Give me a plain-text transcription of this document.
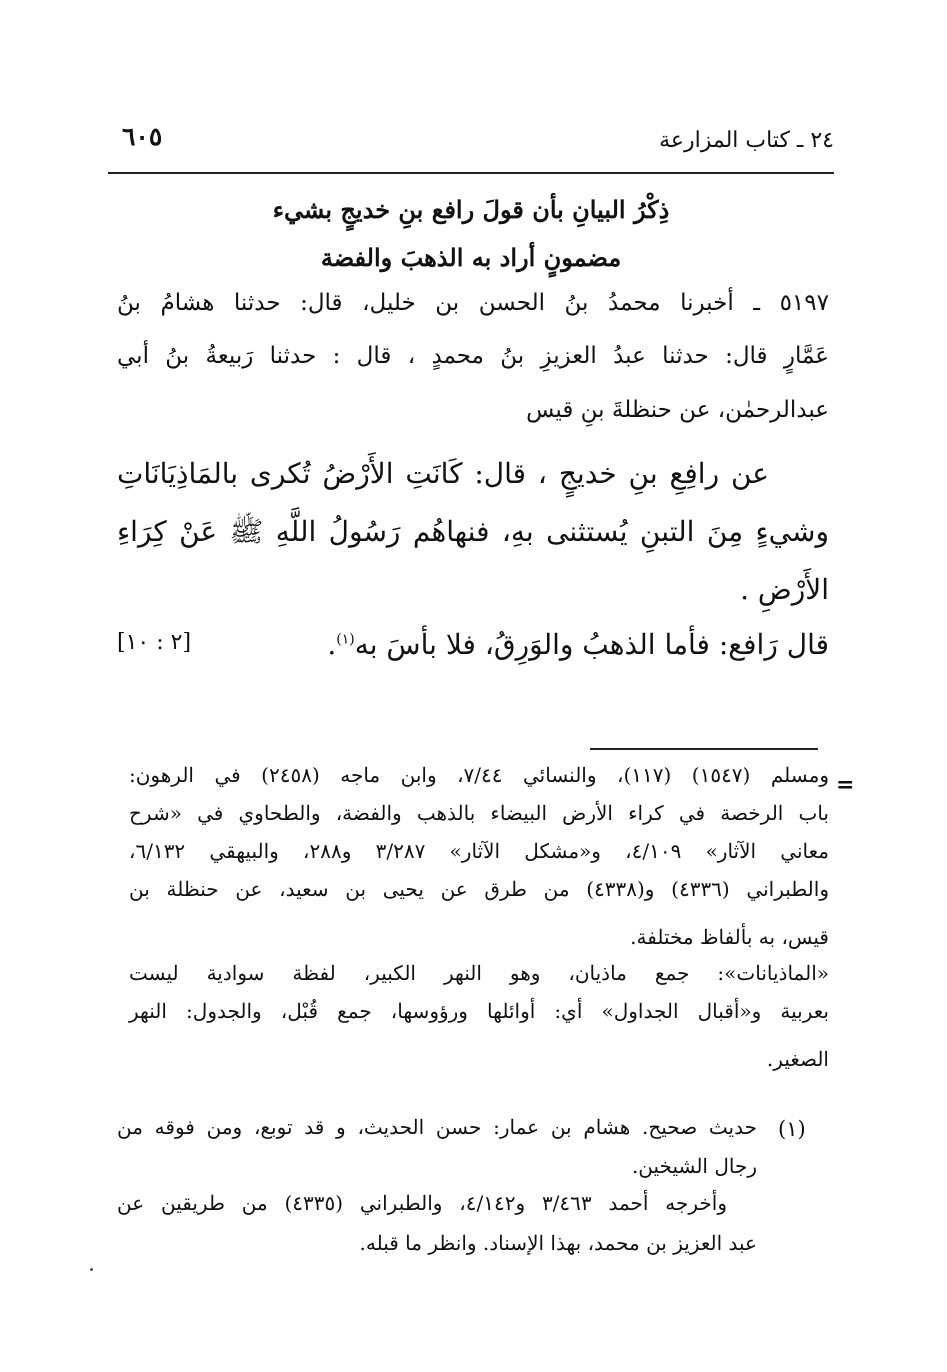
٦٠٥	٢٤ ـ كتاب المزارعة
ذِكْرُ البيانِ بأن قولَ رافع بنِ خديجٍ بشيء
مضمونٍ أراد به الذهبَ والفضة
٥١٩٧ ـ أخبرنا محمدُ بنُ الحسن بن خليل، قال: حدثنا هشامُ بنُ
عَمَّارٍ قال: حدثنا عبدُ العزيزِ بنُ محمدٍ ، قال : حدثنا رَبيعةُ بنُ أبي
عبدالرحمٰن، عن حنظلةَ بنِ قيس
عن رافِعِ بنِ خديجٍ ، قال: كَانَتِ الأَرْضُ تُكرى بالمَاذِيَانَاتِ
وشيءٍ مِنَ التبنِ يُستثنى بهِ، فنهاهُم رَسُولُ اللَّهِ ﷺ عَنْ كِرَاءِ
الأَرْضِ .
قال رَافع: فأما الذهبُ والوَرِقُ، فلا بأسَ به$^{(١)}$.
[٢ : ١٠]
=
ومسلم (١٥٤٧) (١١٧)، والنسائي ٧/٤٤، وابن ماجه (٢٤٥٨) في الرهون:
باب الرخصة في كراء الأرض البيضاء بالذهب والفضة، والطحاوي في «شرح
معاني الآثار» ٤/١٠٩، و«مشكل الآثار» ٣/٢٨٧ و٢٨٨، والبيهقي ٦/١٣٢،
والطبراني (٤٣٣٦) و(٤٣٣٨) من طرق عن يحيى بن سعيد، عن حنظلة بن
قيس، به بألفاظ مختلفة.
«الماذيانات»: جمع ماذيان، وهو النهر الكبير، لفظة سوادية ليست
بعربية و«أقبال الجداول» أي: أوائلها ورؤوسها، جمع قُبْل، والجدول: النهر
الصغير.
(١)
حديث صحيح. هشام بن عمار: حسن الحديث، و قد توبع، ومن فوقه من
رجال الشيخين.
وأخرجه أحمد ٣/٤٦٣ و٤/١٤٢، والطبراني (٤٣٣٥) من طريقين عن
عبد العزيز بن محمد، بهذا الإسناد. وانظر ما قبله.
